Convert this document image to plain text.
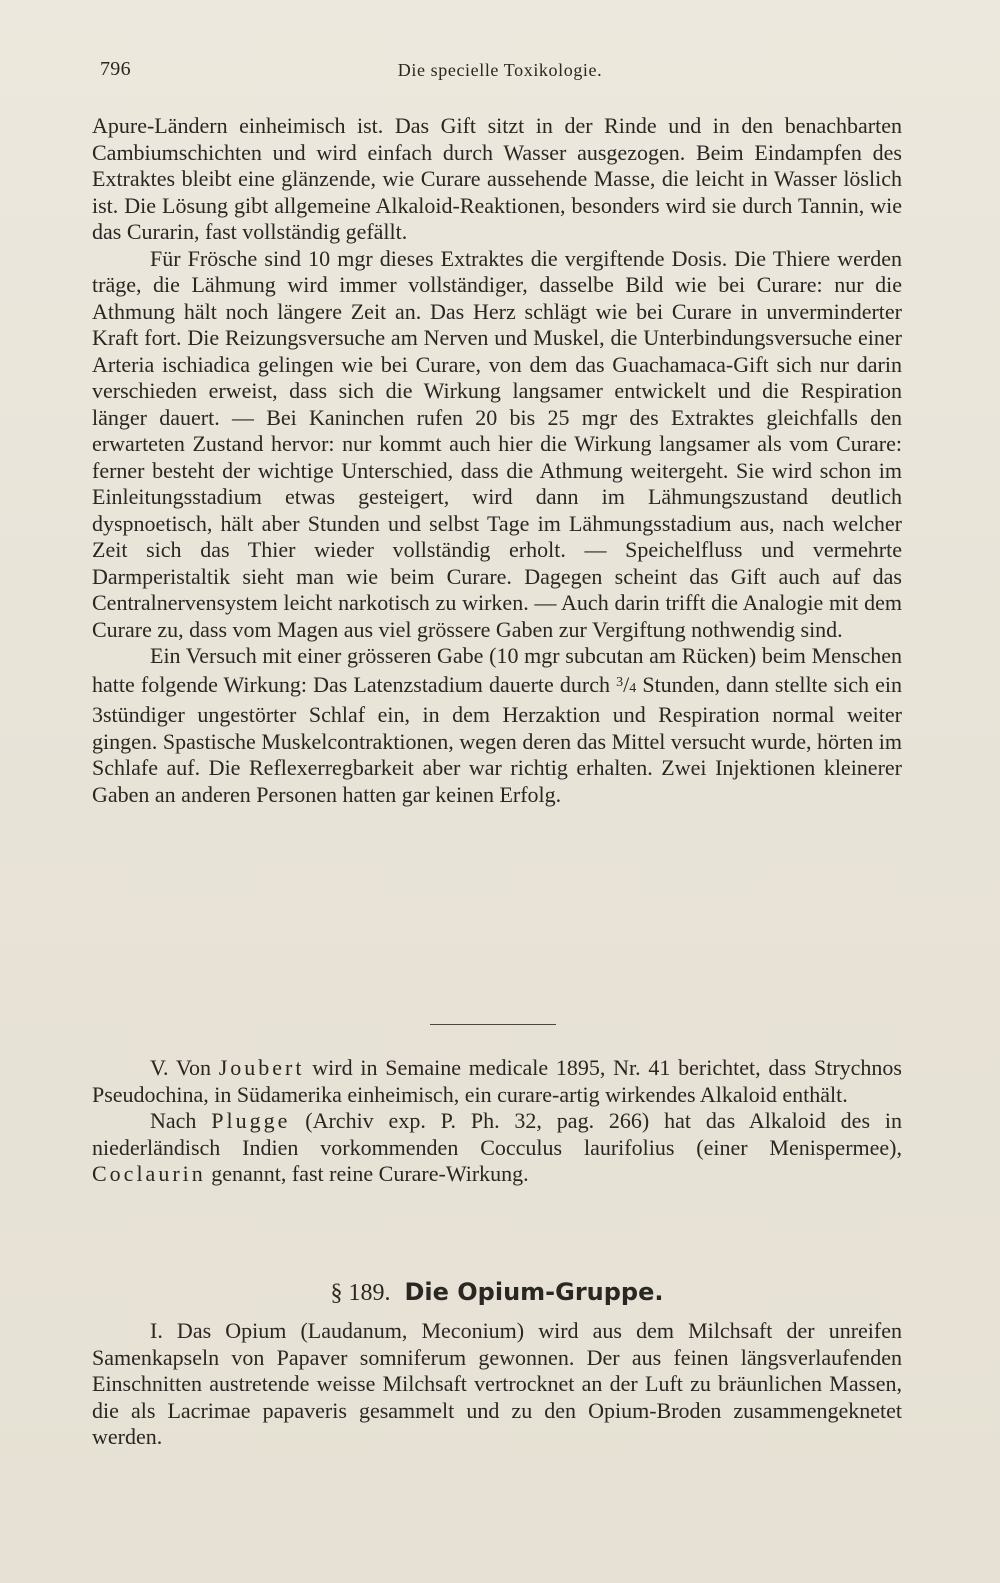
796	Die specielle Toxikologie.

Apure-Ländern einheimisch ist. Das Gift sitzt in der Rinde und in den benachbarten Cambiumschichten und wird einfach durch Wasser ausgezogen. Beim Eindampfen des Extraktes bleibt eine glänzende, wie Curare aussehende Masse, die leicht in Wasser löslich ist. Die Lösung gibt allgemeine Alkaloid-Reaktionen, besonders wird sie durch Tannin, wie das Curarin, fast vollständig gefällt.

Für Frösche sind 10 mgr dieses Extraktes die vergiftende Dosis. Die Thiere werden träge, die Lähmung wird immer vollständiger, dasselbe Bild wie bei Curare: nur die Athmung hält noch längere Zeit an. Das Herz schlägt wie bei Curare in unverminderter Kraft fort. Die Reizungsversuche am Nerven und Muskel, die Unterbindungsversuche einer Arteria ischiadica gelingen wie bei Curare, von dem das Guachamaca-Gift sich nur darin verschieden erweist, dass sich die Wirkung langsamer entwickelt und die Respiration länger dauert. — Bei Kaninchen rufen 20 bis 25 mgr des Extraktes gleichfalls den erwarteten Zustand hervor: nur kommt auch hier die Wirkung langsamer als vom Curare: ferner besteht der wichtige Unterschied, dass die Athmung weitergeht. Sie wird schon im Einleitungsstadium etwas gesteigert, wird dann im Lähmungszustand deutlich dyspnoetisch, hält aber Stunden und selbst Tage im Lähmungsstadium aus, nach welcher Zeit sich das Thier wieder vollständig erholt. — Speichelfluss und vermehrte Darmperistaltik sieht man wie beim Curare. Dagegen scheint das Gift auch auf das Centralnervensystem leicht narkotisch zu wirken. — Auch darin trifft die Analogie mit dem Curare zu, dass vom Magen aus viel grössere Gaben zur Vergiftung nothwendig sind.

Ein Versuch mit einer grösseren Gabe (10 mgr subcutan am Rücken) beim Menschen hatte folgende Wirkung: Das Latenzstadium dauerte durch $^3$/4 Stunden, dann stellte sich ein 3stündiger ungestörter Schlaf ein, in dem Herzaktion und Respiration normal weiter gingen. Spastische Muskelcontraktionen, wegen deren das Mittel versucht wurde, hörten im Schlafe auf. Die Reflexerregbarkeit aber war richtig erhalten. Zwei Injektionen kleinerer Gaben an anderen Personen hatten gar keinen Erfolg.

V. Von Joubert wird in Semaine medicale 1895, Nr. 41 berichtet, dass Strychnos Pseudochina, in Südamerika einheimisch, ein curare-artig wirkendes Alkaloid enthält.

Nach Plugge (Archiv exp. P. Ph. 32, pag. 266) hat das Alkaloid des in niederländisch Indien vorkommenden Cocculus laurifolius (einer Menispermee), Coclaurin genannt, fast reine Curare-Wirkung.

§ 189. Die Opium-Gruppe.

I. Das Opium (Laudanum, Meconium) wird aus dem Milchsaft der unreifen Samenkapseln von Papaver somniferum gewonnen. Der aus feinen längsverlaufenden Einschnitten austretende weisse Milchsaft vertrocknet an der Luft zu bräunlichen Massen, die als Lacrimae papaveris gesammelt und zu den Opium-Broden zusammengeknetet werden.
